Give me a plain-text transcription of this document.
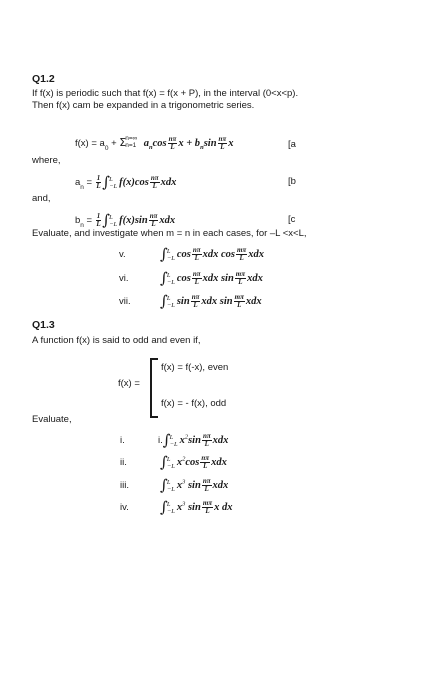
Q1.2
If f(x) is periodic such that f(x) = f(x + P), in the interval (0<x<p).
Then f(x) cam be expanded in a trigonometric series.
$f(x) = a_0 + \Sigma$ n=∞
n=1 $a_n\cos \frac{n\pi}{L}$ $x + b_n\sin \frac{n\pi}{L}$ x	[a
where,
$a_n = \frac{1}{L}$ ∫ L
−L $f(x)\cos \frac{n\pi}{L}$ xdx	[b
and,
$b_n = \frac{1}{L}$ ∫ L
−L $f(x)\sin \frac{n\pi}{L}$ xdx	[c
Evaluate, and investigate when m = n in each cases, for –L <x<L,
v. ∫ L
−L $\cos \frac{n\pi}{L}$ xdx $\cos \frac{m\pi}{L}$ xdx
vi. ∫ L
−L $\cos \frac{n\pi}{L}$ xdx $\sin \frac{m\pi}{L}$ xdx
vii. ∫ L
−L $\sin \frac{n\pi}{L}$ xdx $\sin \frac{m\pi}{L}$ xdx
Q1.3
A function f(x) is said to odd and even if,
f(x) =
f(x) = f(-x), even
f(x) = - f(x), odd
Evaluate,
i.	i.∫ L
−L $x^2\sin \frac{n\pi}{L}$ xdx
ii. ∫ L
−L $x^2\cos \frac{n\pi}{L}$ xdx
iii. ∫ L
−L $x^3$ $\sin \frac{n\pi}{L}$ xdx
iv. ∫ L
−L $x^3$ $\sin \frac{m\pi}{L}$ x dx
